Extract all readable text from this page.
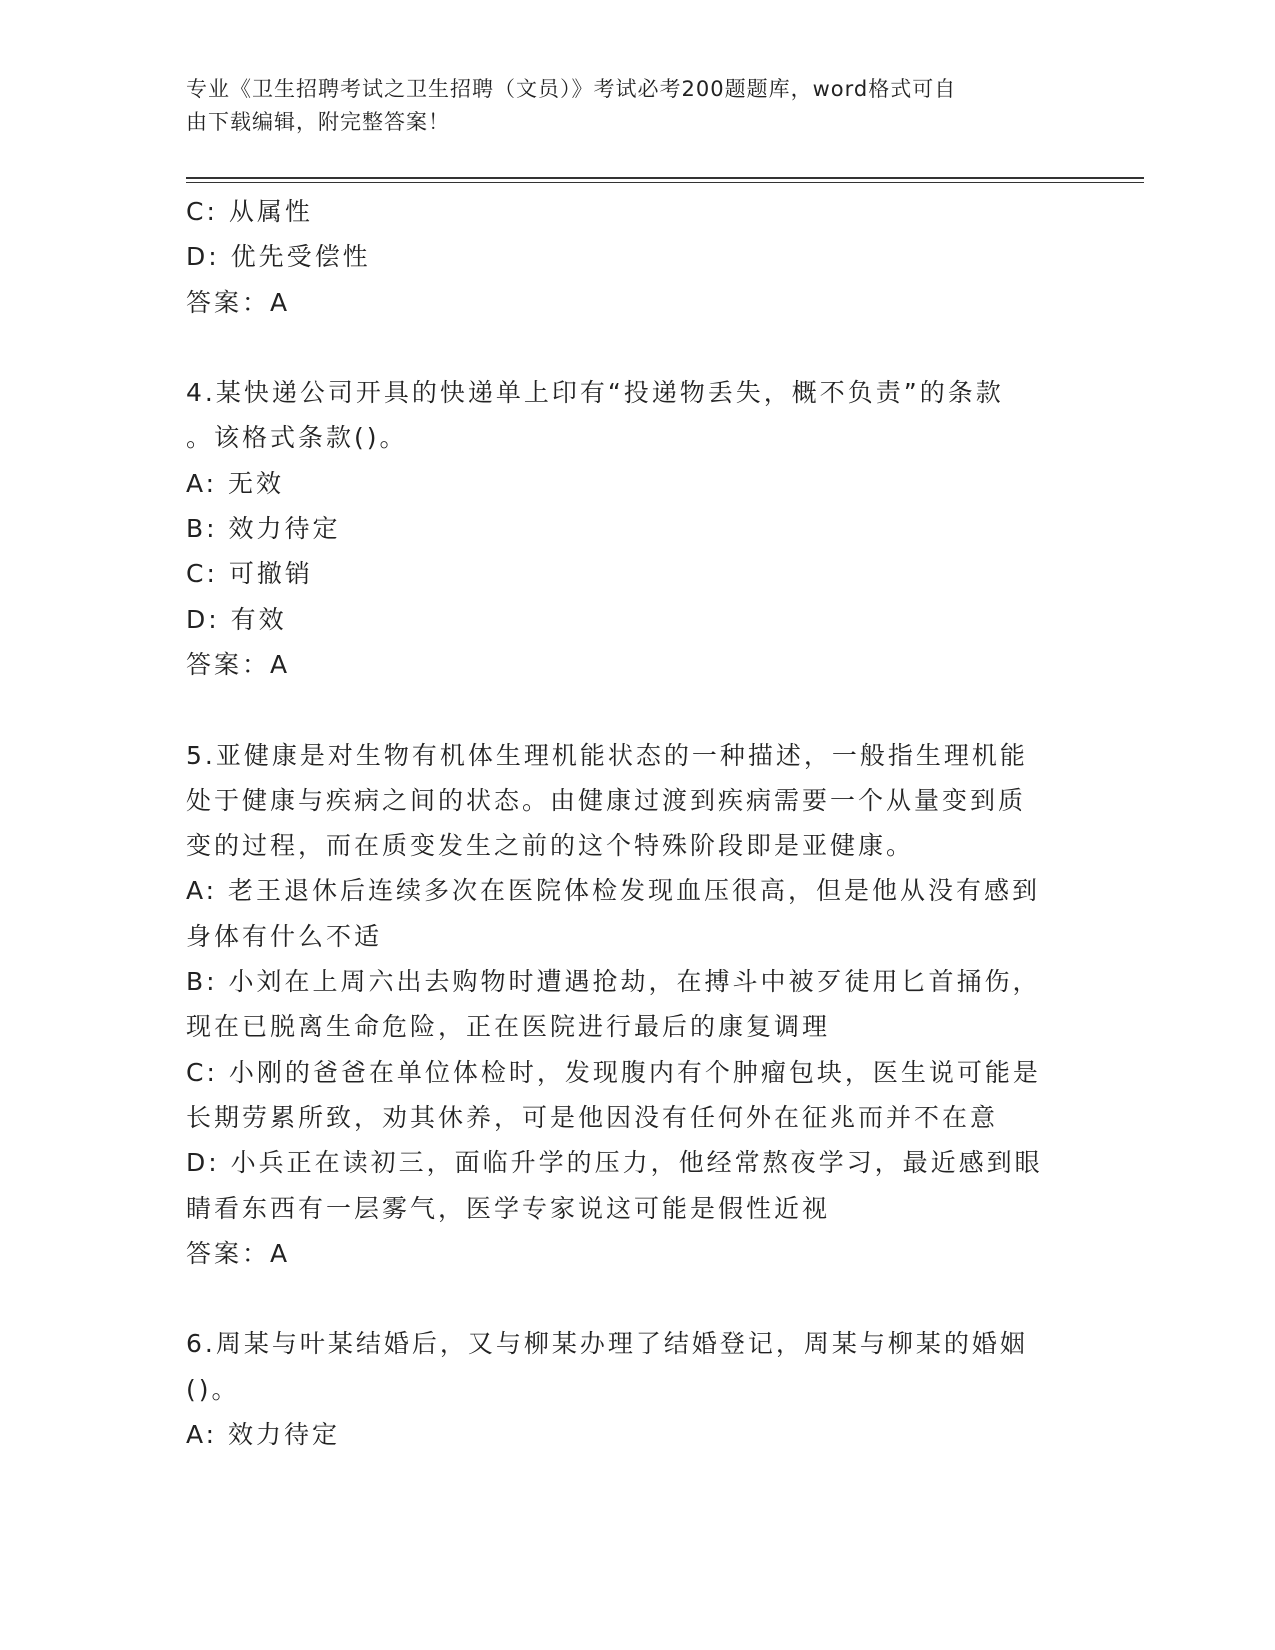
专业《卫生招聘考试之卫生招聘（文员）》考试必考200题题库，word格式可自
由下载编辑，附完整答案！
C: 从属性
D: 优先受偿性
答案：A
4.某快递公司开具的快递单上印有“投递物丢失，概不负责”的条款
。该格式条款()。
A: 无效
B: 效力待定
C: 可撤销
D: 有效
答案：A
5.亚健康是对生物有机体生理机能状态的一种描述，一般指生理机能
处于健康与疾病之间的状态。由健康过渡到疾病需要一个从量变到质
变的过程，而在质变发生之前的这个特殊阶段即是亚健康。
A: 老王退休后连续多次在医院体检发现血压很高，但是他从没有感到
身体有什么不适
B: 小刘在上周六出去购物时遭遇抢劫，在搏斗中被歹徒用匕首捅伤，
现在已脱离生命危险，正在医院进行最后的康复调理
C: 小刚的爸爸在单位体检时，发现腹内有个肿瘤包块，医生说可能是
长期劳累所致，劝其休养，可是他因没有任何外在征兆而并不在意
D: 小兵正在读初三，面临升学的压力，他经常熬夜学习，最近感到眼
睛看东西有一层雾气，医学专家说这可能是假性近视
答案：A
6.周某与叶某结婚后，又与柳某办理了结婚登记，周某与柳某的婚姻
()。
A: 效力待定
